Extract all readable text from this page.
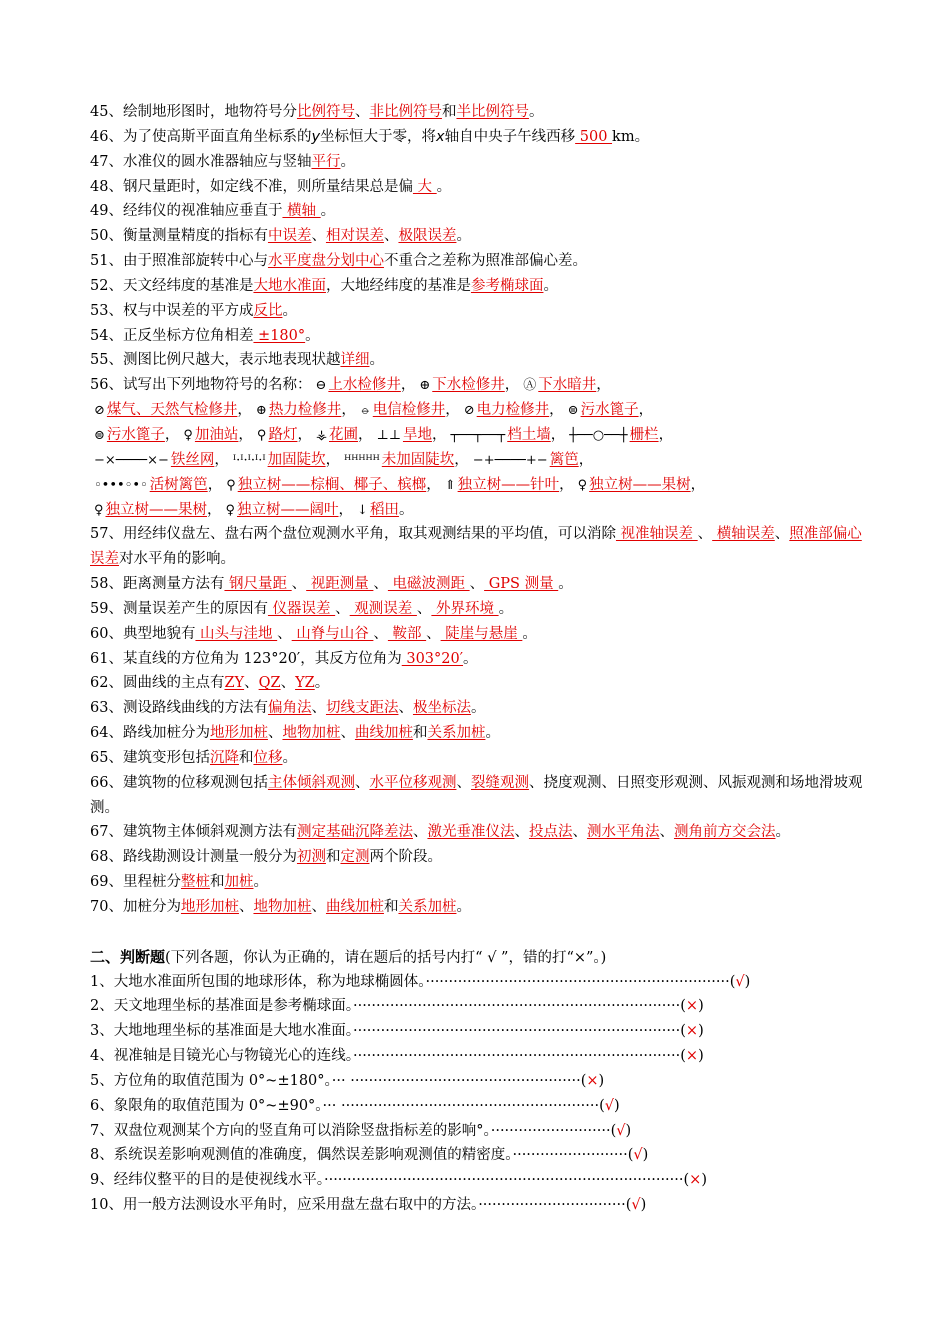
45、绘制地形图时，地物符号分比例符号、非比例符号和半比例符号。
46、为了使高斯平面直角坐标系的y坐标恒大于零，将x轴自中央子午线西移 500 km。
47、水准仪的圆水准器轴应与竖轴平行。
48、钢尺量距时，如定线不准，则所量结果总是偏 大 。
49、经纬仪的视准轴应垂直于 横轴 。
50、衡量测量精度的指标有中误差、相对误差、极限误差。
51、由于照准部旋转中心与水平度盘分划中心不重合之差称为照准部偏心差。
52、天文经纬度的基准是大地水准面，大地经纬度的基准是参考椭球面。
53、权与中误差的平方成反比。
54、正反坐标方位角相差 ±180°。
55、测图比例尺越大，表示地表现状越详细。
56、试写出下列地物符号的名称： ⊖ 上水检修井， ⊕ 下水检修井， Ⓐ 下水暗井，
⊘ 煤气、天然气检修井， ⊕ 热力检修井， ⦵ 电信检修井， ⊘ 电力检修井， ⊜ 污水篦子，
⊜ 污水篦子， ♀ 加油站， ⚲ 路灯， ⚶ 花圃， ⊥⊥ 旱地， ┬──┬──┬ 档土墙， ┼──○──┼ 栅栏，
−×────×− 铁丝网， ᴵ·ᴵ·ᴵ·ᴵ·ᴵ 加固陡坎， ᴴᴴᴴᴴᴴ 未加固陡坎， −+────+− 篱笆，
◦•••◦•◦ 活树篱笆， ⚲ 独立树——棕榈、椰子、槟榔， ⇑ 独立树——针叶， ♀ 独立树——果树，
♀ 独立树——果树， ♀ 独立树——阔叶， ↓ 稻田。
57、用经纬仪盘左、盘右两个盘位观测水平角，取其观测结果的平均值，可以消除 视准轴误差 、 横轴误差、照准部偏心误差对水平角的影响。
58、距离测量方法有 钢尺量距 、 视距测量 、 电磁波测距 、 GPS 测量 。
59、测量误差产生的原因有 仪器误差 、 观测误差 、 外界环境 。
60、典型地貌有 山头与洼地 、 山脊与山谷 、 鞍部 、 陡崖与悬崖 。
61、某直线的方位角为 123°20′，其反方位角为 303°20′。
62、圆曲线的主点有ZY、QZ、YZ。
63、测设路线曲线的方法有偏角法、切线支距法、极坐标法。
64、路线加桩分为地形加桩、地物加桩、曲线加桩和关系加桩。
65、建筑变形包括沉降和位移。
66、建筑物的位移观测包括主体倾斜观测、水平位移观测、裂缝观测、挠度观测、日照变形观测、风振观测和场地滑坡观测。
67、建筑物主体倾斜观测方法有测定基础沉降差法、激光垂准仪法、投点法、测水平角法、测角前方交会法。
68、路线勘测设计测量一般分为初测和定测两个阶段。
69、里程桩分整桩和加桩。
70、加桩分为地形加桩、地物加桩、曲线加桩和关系加桩。
二、判断题(下列各题，你认为正确的，请在题后的括号内打“ √ ”，错的打“×”。)
1、大地水准面所包围的地球形体，称为地球椭圆体。··································································(√)
2、天文地理坐标的基准面是参考椭球面。·······································································(×)
3、大地地理坐标的基准面是大地水准面。·······································································(×)
4、视准轴是目镜光心与物镜光心的连线。·······································································(×)
5、方位角的取值范围为 0°~±180°。··· ··················································(×)
6、象限角的取值范围为 0°~±90°。··· ························································(√)
7、双盘位观测某个方向的竖直角可以消除竖盘指标差的影响°。··························(√)
8、系统误差影响观测值的准确度，偶然误差影响观测值的精密度。·························(√)
9、经纬仪整平的目的是使视线水平。··············································································(×)
10、用一般方法测设水平角时，应采用盘左盘右取中的方法。································(√)
